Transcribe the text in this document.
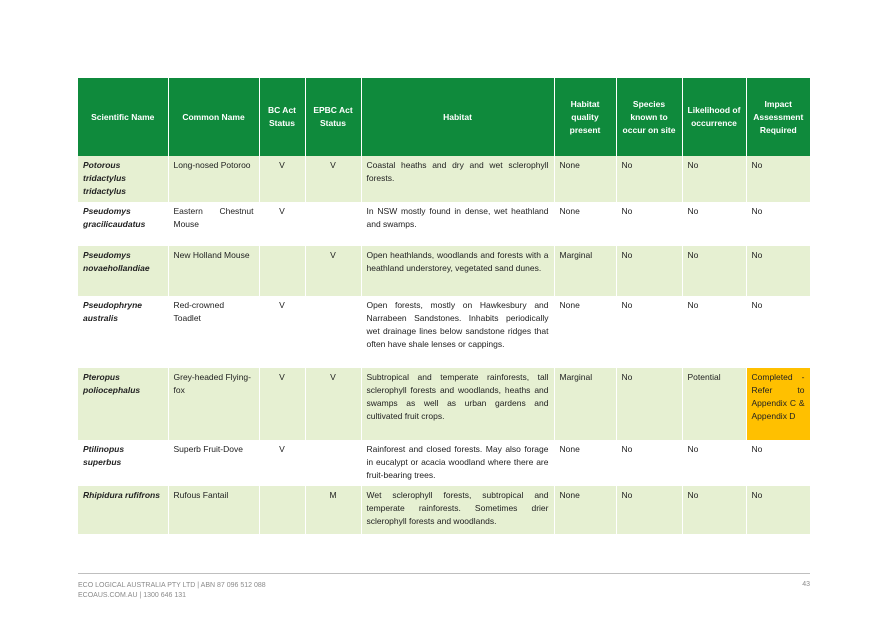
Scientific Name	Common Name	BC Act Status	EPBC Act Status	Habitat	Habitat quality present	Species known to occur on site	Likelihood of occurrence	Impact Assessment Required
Potorous tridactylus tridactylus	Long-nosed Potoroo	V	V	Coastal heaths and dry and wet sclerophyll forests.	None	No	No	No
Pseudomys gracilicaudatus	Eastern Chestnut Mouse	V		In NSW mostly found in dense, wet heathland and swamps.	None	No	No	No
Pseudomys novaehollandiae	New Holland Mouse		V	Open heathlands, woodlands and forests with a heathland understorey, vegetated sand dunes.	Marginal	No	No	No
Pseudophryne australis	Red-crowned Toadlet	V		Open forests, mostly on Hawkesbury and Narrabeen Sandstones. Inhabits periodically wet drainage lines below sandstone ridges that often have shale lenses or cappings.	None	No	No	No
Pteropus poliocephalus	Grey-headed Flying-fox	V	V	Subtropical and temperate rainforests, tall sclerophyll forests and woodlands, heaths and swamps as well as urban gardens and cultivated fruit crops.	Marginal	No	Potential	Completed - Refer to Appendix C & Appendix D
Ptilinopus superbus	Superb Fruit-Dove	V		Rainforest and closed forests. May also forage in eucalypt or acacia woodland where there are fruit-bearing trees.	None	No	No	No
Rhipidura rufifrons	Rufous Fantail		M	Wet sclerophyll forests, subtropical and temperate rainforests. Sometimes drier sclerophyll forests and woodlands.	None	No	No	No
ECO LOGICAL AUSTRALIA PTY LTD | ABN 87 096 512 088
ECOAUS.COM.AU | 1300 646 131
43
